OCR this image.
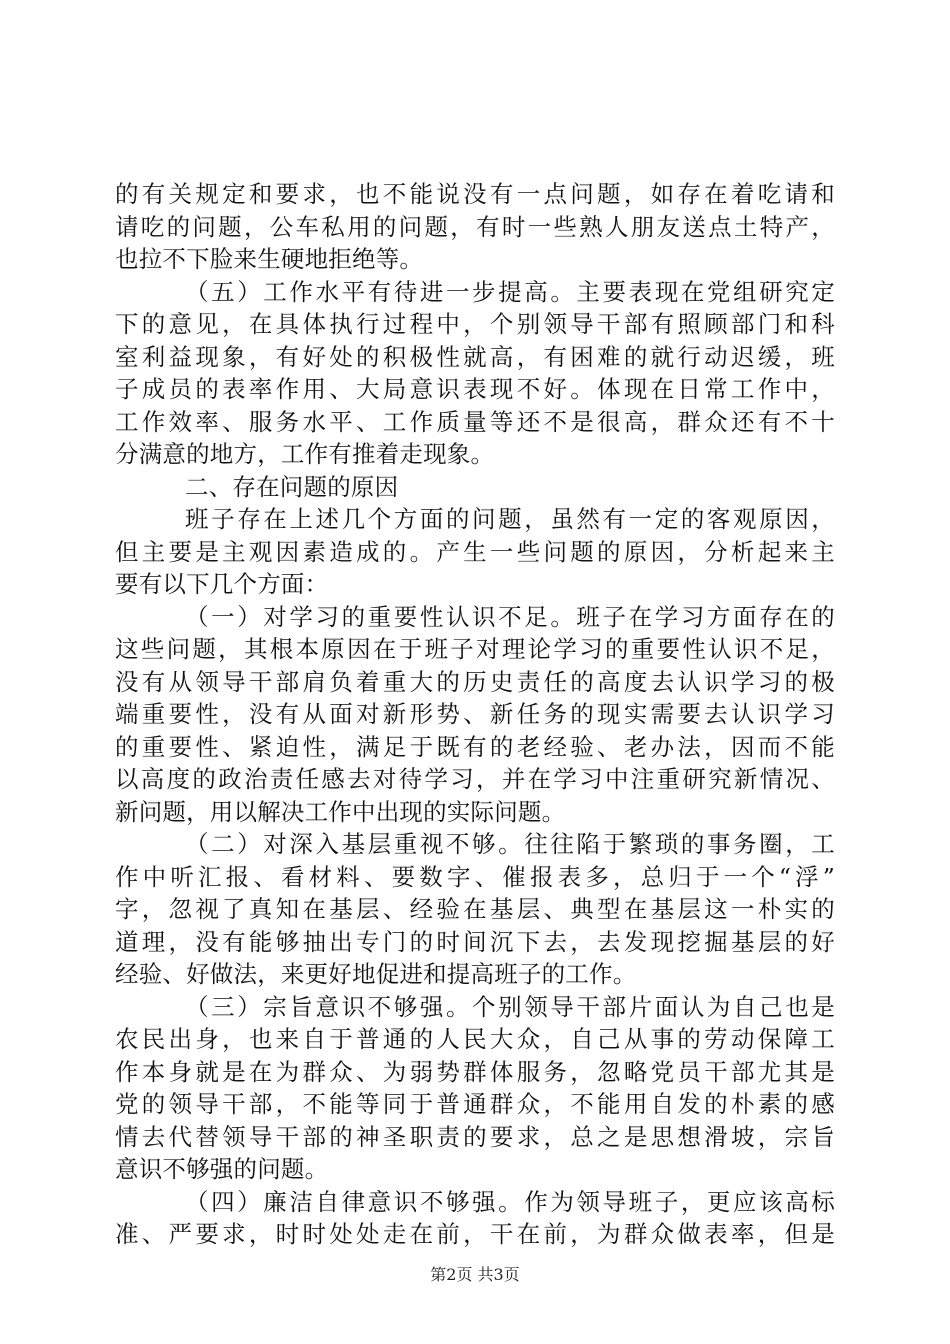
的有关规定和要求，也不能说没有一点问题，如存在着吃请和
请吃的问题，公车私用的问题，有时一些熟人朋友送点土特产，
也拉不下脸来生硬地拒绝等。
（五）工作水平有待进一步提高。主要表现在党组研究定
下的意见，在具体执行过程中，个别领导干部有照顾部门和科
室利益现象，有好处的积极性就高，有困难的就行动迟缓，班
子成员的表率作用、大局意识表现不好。体现在日常工作中，
工作效率、服务水平、工作质量等还不是很高，群众还有不十
分满意的地方，工作有推着走现象。
二、存在问题的原因
班子存在上述几个方面的问题，虽然有一定的客观原因，
但主要是主观因素造成的。产生一些问题的原因，分析起来主
要有以下几个方面：
（一）对学习的重要性认识不足。班子在学习方面存在的
这些问题，其根本原因在于班子对理论学习的重要性认识不足，
没有从领导干部肩负着重大的历史责任的高度去认识学习的极
端重要性，没有从面对新形势、新任务的现实需要去认识学习
的重要性、紧迫性，满足于既有的老经验、老办法，因而不能
以高度的政治责任感去对待学习，并在学习中注重研究新情况、
新问题，用以解决工作中出现的实际问题。
（二）对深入基层重视不够。往往陷于繁琐的事务圈，工
作中听汇报、看材料、要数字、催报表多，总归于一个“浮”
字，忽视了真知在基层、经验在基层、典型在基层这一朴实的
道理，没有能够抽出专门的时间沉下去，去发现挖掘基层的好
经验、好做法，来更好地促进和提高班子的工作。
（三）宗旨意识不够强。个别领导干部片面认为自己也是
农民出身，也来自于普通的人民大众，自己从事的劳动保障工
作本身就是在为群众、为弱势群体服务，忽略党员干部尤其是
党的领导干部，不能等同于普通群众，不能用自发的朴素的感
情去代替领导干部的神圣职责的要求，总之是思想滑坡，宗旨
意识不够强的问题。
（四）廉洁自律意识不够强。作为领导班子，更应该高标
准、严要求，时时处处走在前，干在前，为群众做表率，但是
第2页 共3页
